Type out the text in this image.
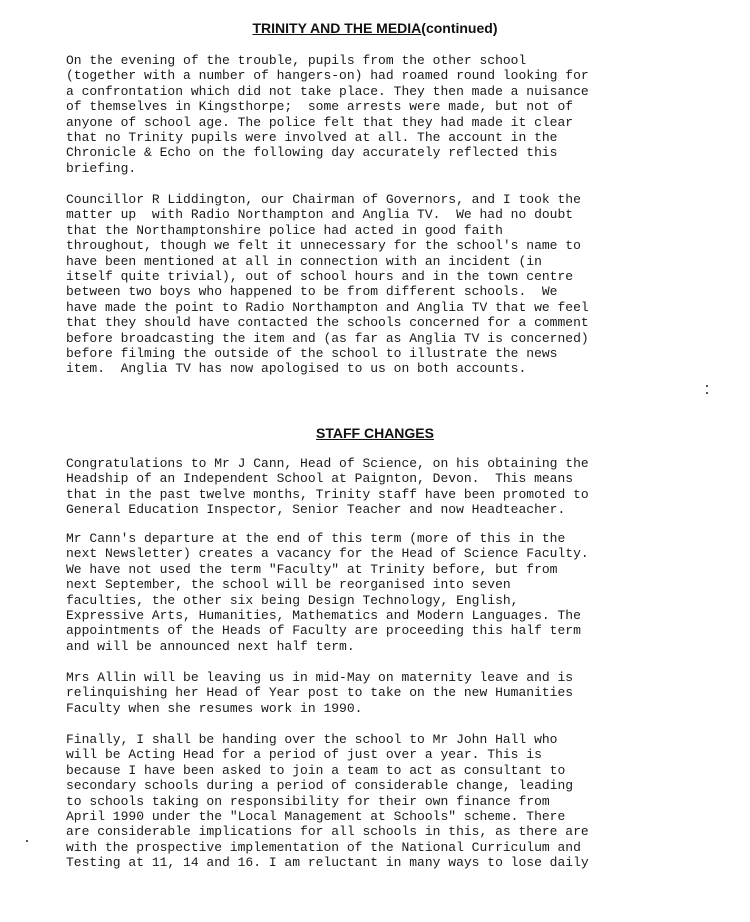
TRINITY AND THE MEDIA(continued)

On the evening of the trouble, pupils from the other school
(together with a number of hangers-on) had roamed round looking for
a confrontation which did not take place. They then made a nuisance
of themselves in Kingsthorpe;  some arrests were made, but not of
anyone of school age. The police felt that they had made it clear
that no Trinity pupils were involved at all. The account in the
Chronicle & Echo on the following day accurately reflected this
briefing.

Councillor R Liddington, our Chairman of Governors, and I took the
matter up  with Radio Northampton and Anglia TV.  We had no doubt
that the Northamptonshire police had acted in good faith
throughout, though we felt it unnecessary for the school's name to
have been mentioned at all in connection with an incident (in
itself quite trivial), out of school hours and in the town centre
between two boys who happened to be from different schools.  We
have made the point to Radio Northampton and Anglia TV that we feel
that they should have contacted the schools concerned for a comment
before broadcasting the item and (as far as Anglia TV is concerned)
before filming the outside of the school to illustrate the news
item.  Anglia TV has now apologised to us on both accounts.

STAFF CHANGES

Congratulations to Mr J Cann, Head of Science, on his obtaining the
Headship of an Independent School at Paignton, Devon.  This means
that in the past twelve months, Trinity staff have been promoted to
General Education Inspector, Senior Teacher and now Headteacher.

Mr Cann's departure at the end of this term (more of this in the
next Newsletter) creates a vacancy for the Head of Science Faculty.
We have not used the term "Faculty" at Trinity before, but from
next September, the school will be reorganised into seven
faculties, the other six being Design Technology, English,
Expressive Arts, Humanities, Mathematics and Modern Languages. The
appointments of the Heads of Faculty are proceeding this half term
and will be announced next half term.

Mrs Allin will be leaving us in mid-May on maternity leave and is
relinquishing her Head of Year post to take on the new Humanities
Faculty when she resumes work in 1990.

Finally, I shall be handing over the school to Mr John Hall who
will be Acting Head for a period of just over a year. This is
because I have been asked to join a team to act as consultant to
secondary schools during a period of considerable change, leading
to schools taking on responsibility for their own finance from
April 1990 under the "Local Management at Schools" scheme. There
are considerable implications for all schools in this, as there are
with the prospective implementation of the National Curriculum and
Testing at 11, 14 and 16. I am reluctant in many ways to lose daily
